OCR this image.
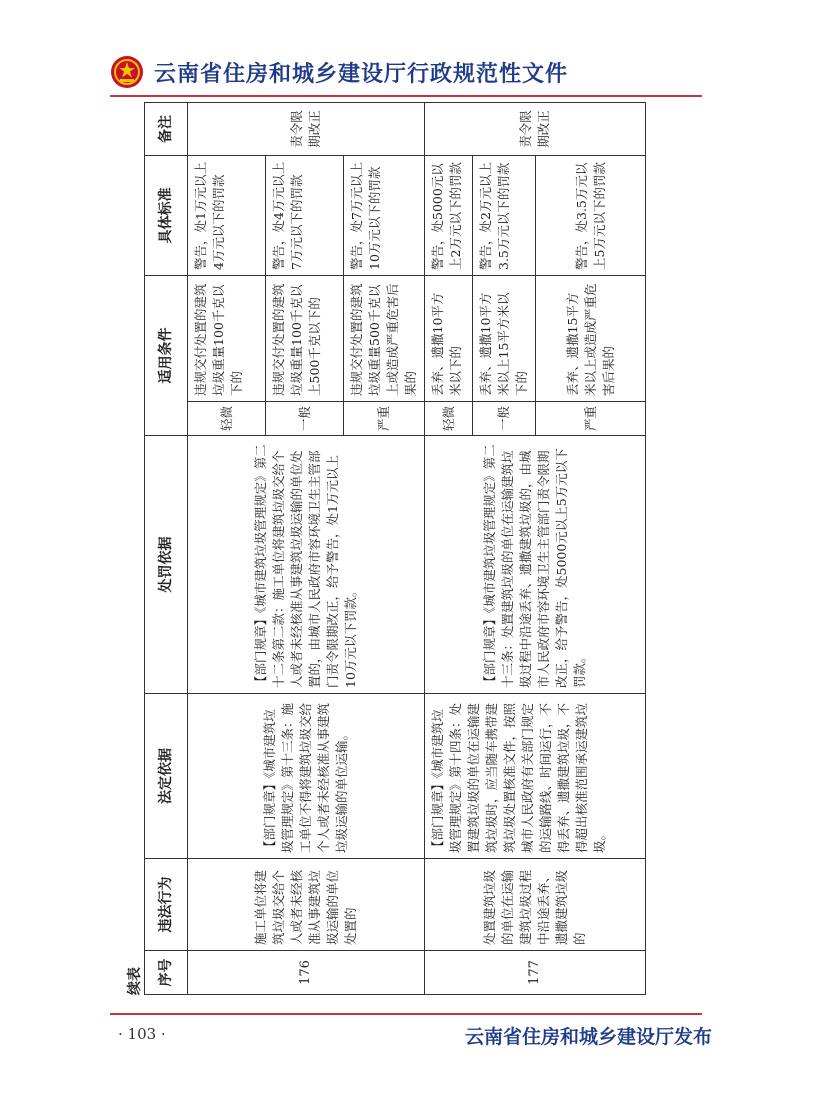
云南省住房和城乡建设厅行政规范性文件
续表 序号	违法行为	法定依据	处罚依据	适用条件		具体标准	备注
176	施工单位将建筑垃圾交给个人或者未经核准从事建筑垃圾运输的单位处置的	【部门规章】《城市建筑垃圾管理规定》第十三条：施工单位不得将建筑垃圾交给个人或者未经核准从事建筑垃圾运输的单位运输。	【部门规章】《城市建筑垃圾管理规定》第二十二条第二款：施工单位将建筑垃圾交给个人或者未经核准从事建筑垃圾运输的单位处置的，由城市人民政府市容环境卫生主管部门责令限期改正，给予警告，处1万元以上10万元以下罚款。	轻微	违规交付处置的建筑垃圾重量100千克以下的	警告，处1万元以上4万元以下的罚款	责令限期改正
				一般	违规交付处置的建筑垃圾重量100千克以上500千克以下的	警告，处4万元以上7万元以下的罚款	
				严重	违规交付处置的建筑垃圾重量500千克以上或造成严重危害后果的	警告，处7万元以上10万元以下的罚款	
177	处置建筑垃圾的单位在运输建筑垃圾过程中沿途丢弃、遗撒建筑垃圾的	【部门规章】《城市建筑垃圾管理规定》第十四条：处置建筑垃圾的单位在运输建筑垃圾时，应当随车携带建筑垃圾处置核准文件，按照城市人民政府有关部门规定的运输路线、时间运行，不得丢弃、遗撒建筑垃圾，不得超出核准范围承运建筑垃圾。	【部门规章】《城市建筑垃圾管理规定》第二十三条：处置建筑垃圾的单位在运输建筑垃圾过程中沿途丢弃、遗撒建筑垃圾的，由城市人民政府市容环境卫生主管部门责令限期改正，给予警告，处5000元以上5万元以下罚款。	轻微	丢弃、遗撒10平方米以下的	警告，处5000元以上2万元以下的罚款	责令限期改正
				一般	丢弃、遗撒10平方米以上15平方米以下的	警告，处2万元以上3.5万元以下的罚款	
				严重	丢弃、遗撒15平方米以上或造成严重危害后果的	警告，处3.5万元以上5万元以下的罚款	
· 103 ·	云南省住房和城乡建设厅发布
